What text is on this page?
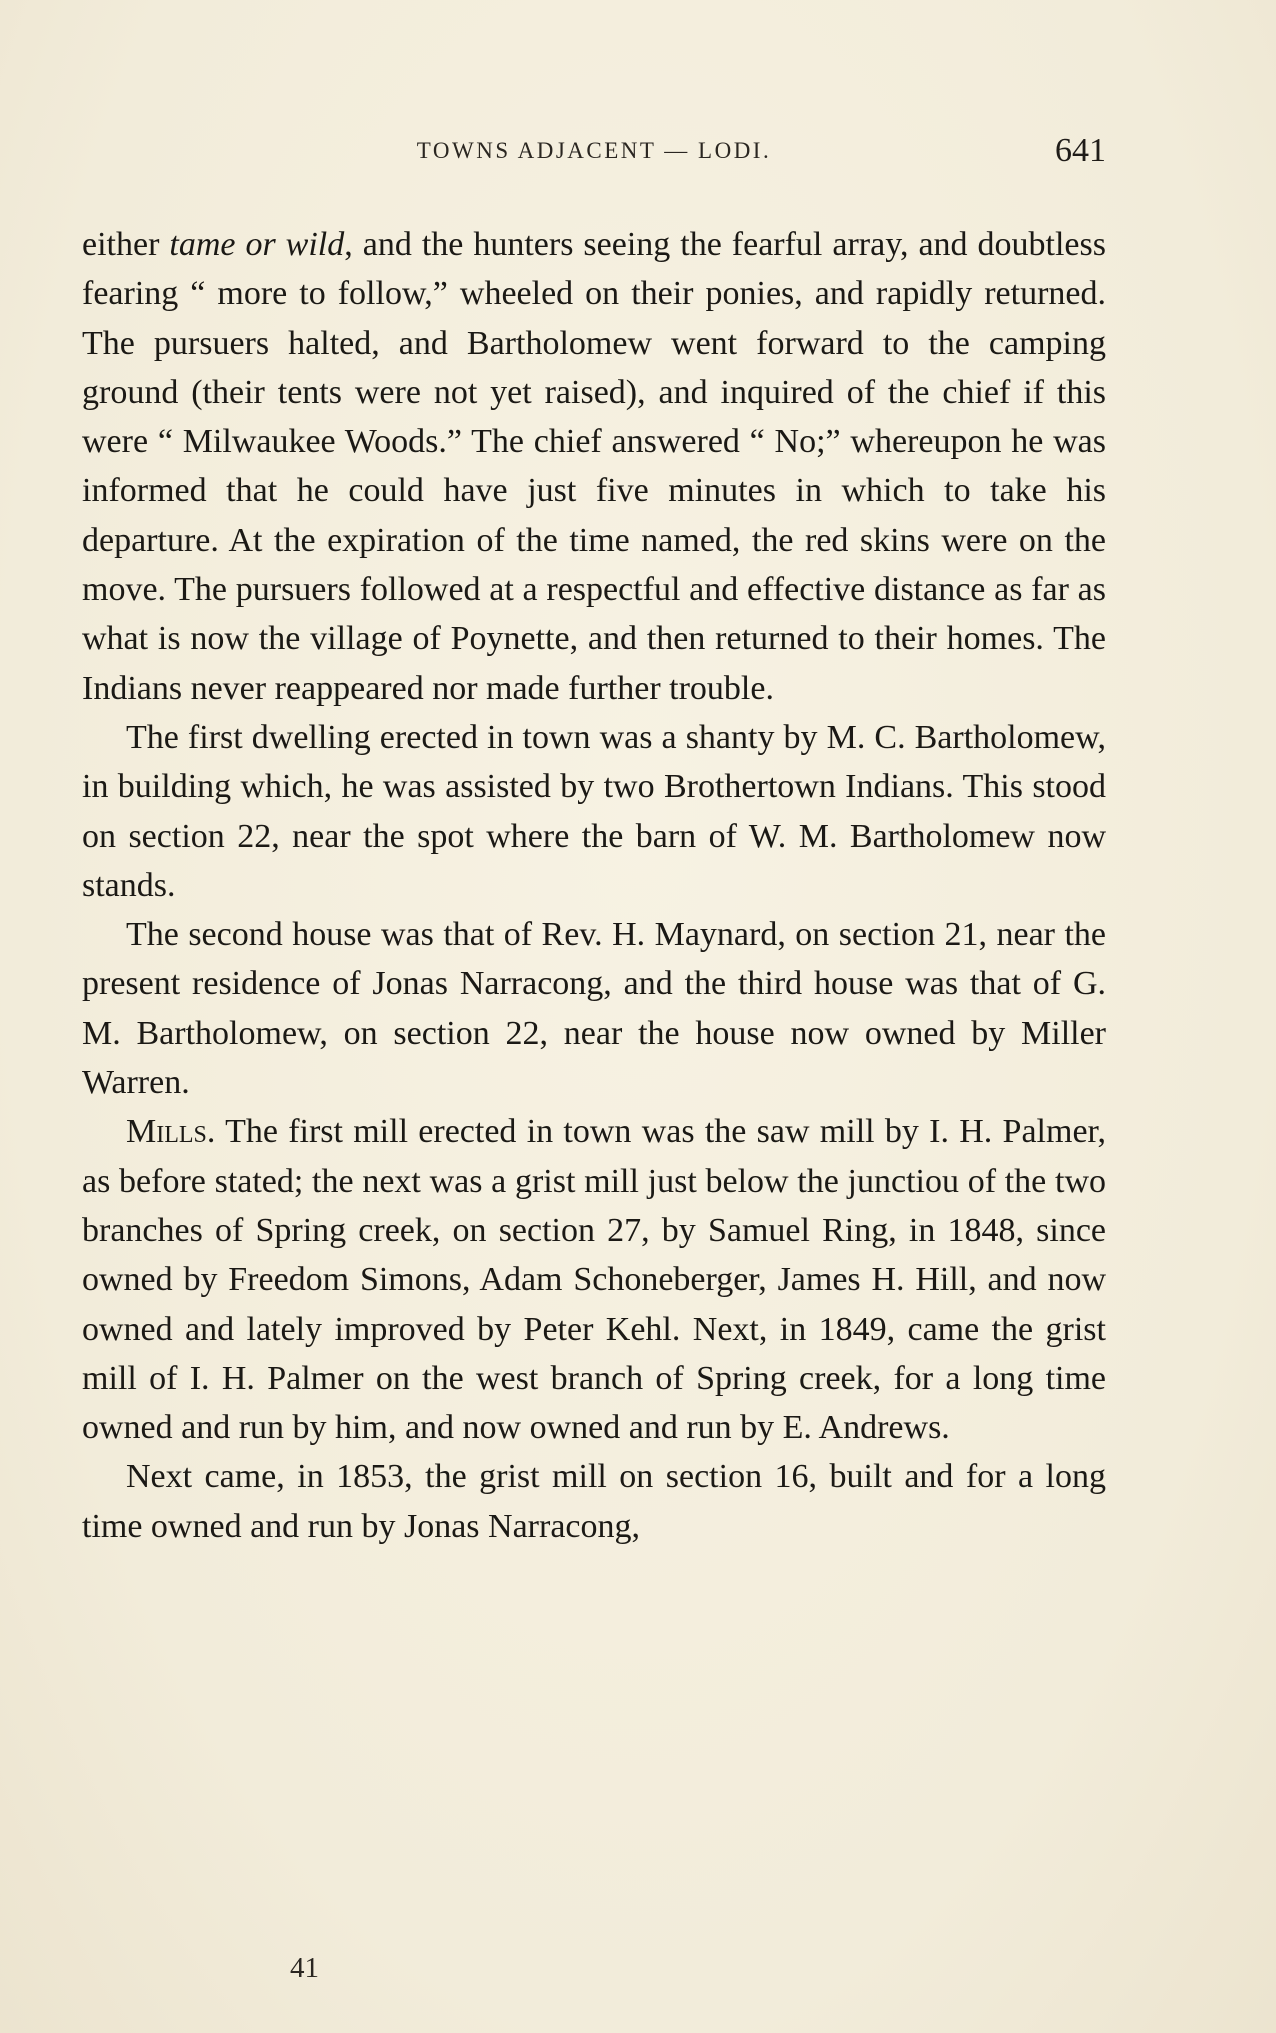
TOWNS ADJACENT — LODI.	641

either tame or wild, and the hunters seeing the fearful array, and doubtless fearing “ more to follow,” wheeled on their ponies, and rapidly returned. The pursuers halted, and Bartholomew went forward to the camping ground (their tents were not yet raised), and inquired of the chief if this were “ Milwaukee Woods.” The chief answered “ No;” whereupon he was informed that he could have just five minutes in which to take his departure. At the expiration of the time named, the red skins were on the move. The pursuers followed at a respectful and effective distance as far as what is now the village of Poynette, and then returned to their homes. The Indians never reappeared nor made further trouble.

The first dwelling erected in town was a shanty by M. C. Bartholomew, in building which, he was assisted by two Brothertown Indians. This stood on section 22, near the spot where the barn of W. M. Bartholomew now stands.

The second house was that of Rev. H. Maynard, on section 21, near the present residence of Jonas Narracong, and the third house was that of G. M. Bartholomew, on section 22, near the house now owned by Miller Warren.

Mills. The first mill erected in town was the saw mill by I. H. Palmer, as before stated; the next was a grist mill just below the junctiou of the two branches of Spring creek, on section 27, by Samuel Ring, in 1848, since owned by Freedom Simons, Adam Schoneberger, James H. Hill, and now owned and lately improved by Peter Kehl. Next, in 1849, came the grist mill of I. H. Palmer on the west branch of Spring creek, for a long time owned and run by him, and now owned and run by E. Andrews.

Next came, in 1853, the grist mill on section 16, built and for a long time owned and run by Jonas Narracong,

41
